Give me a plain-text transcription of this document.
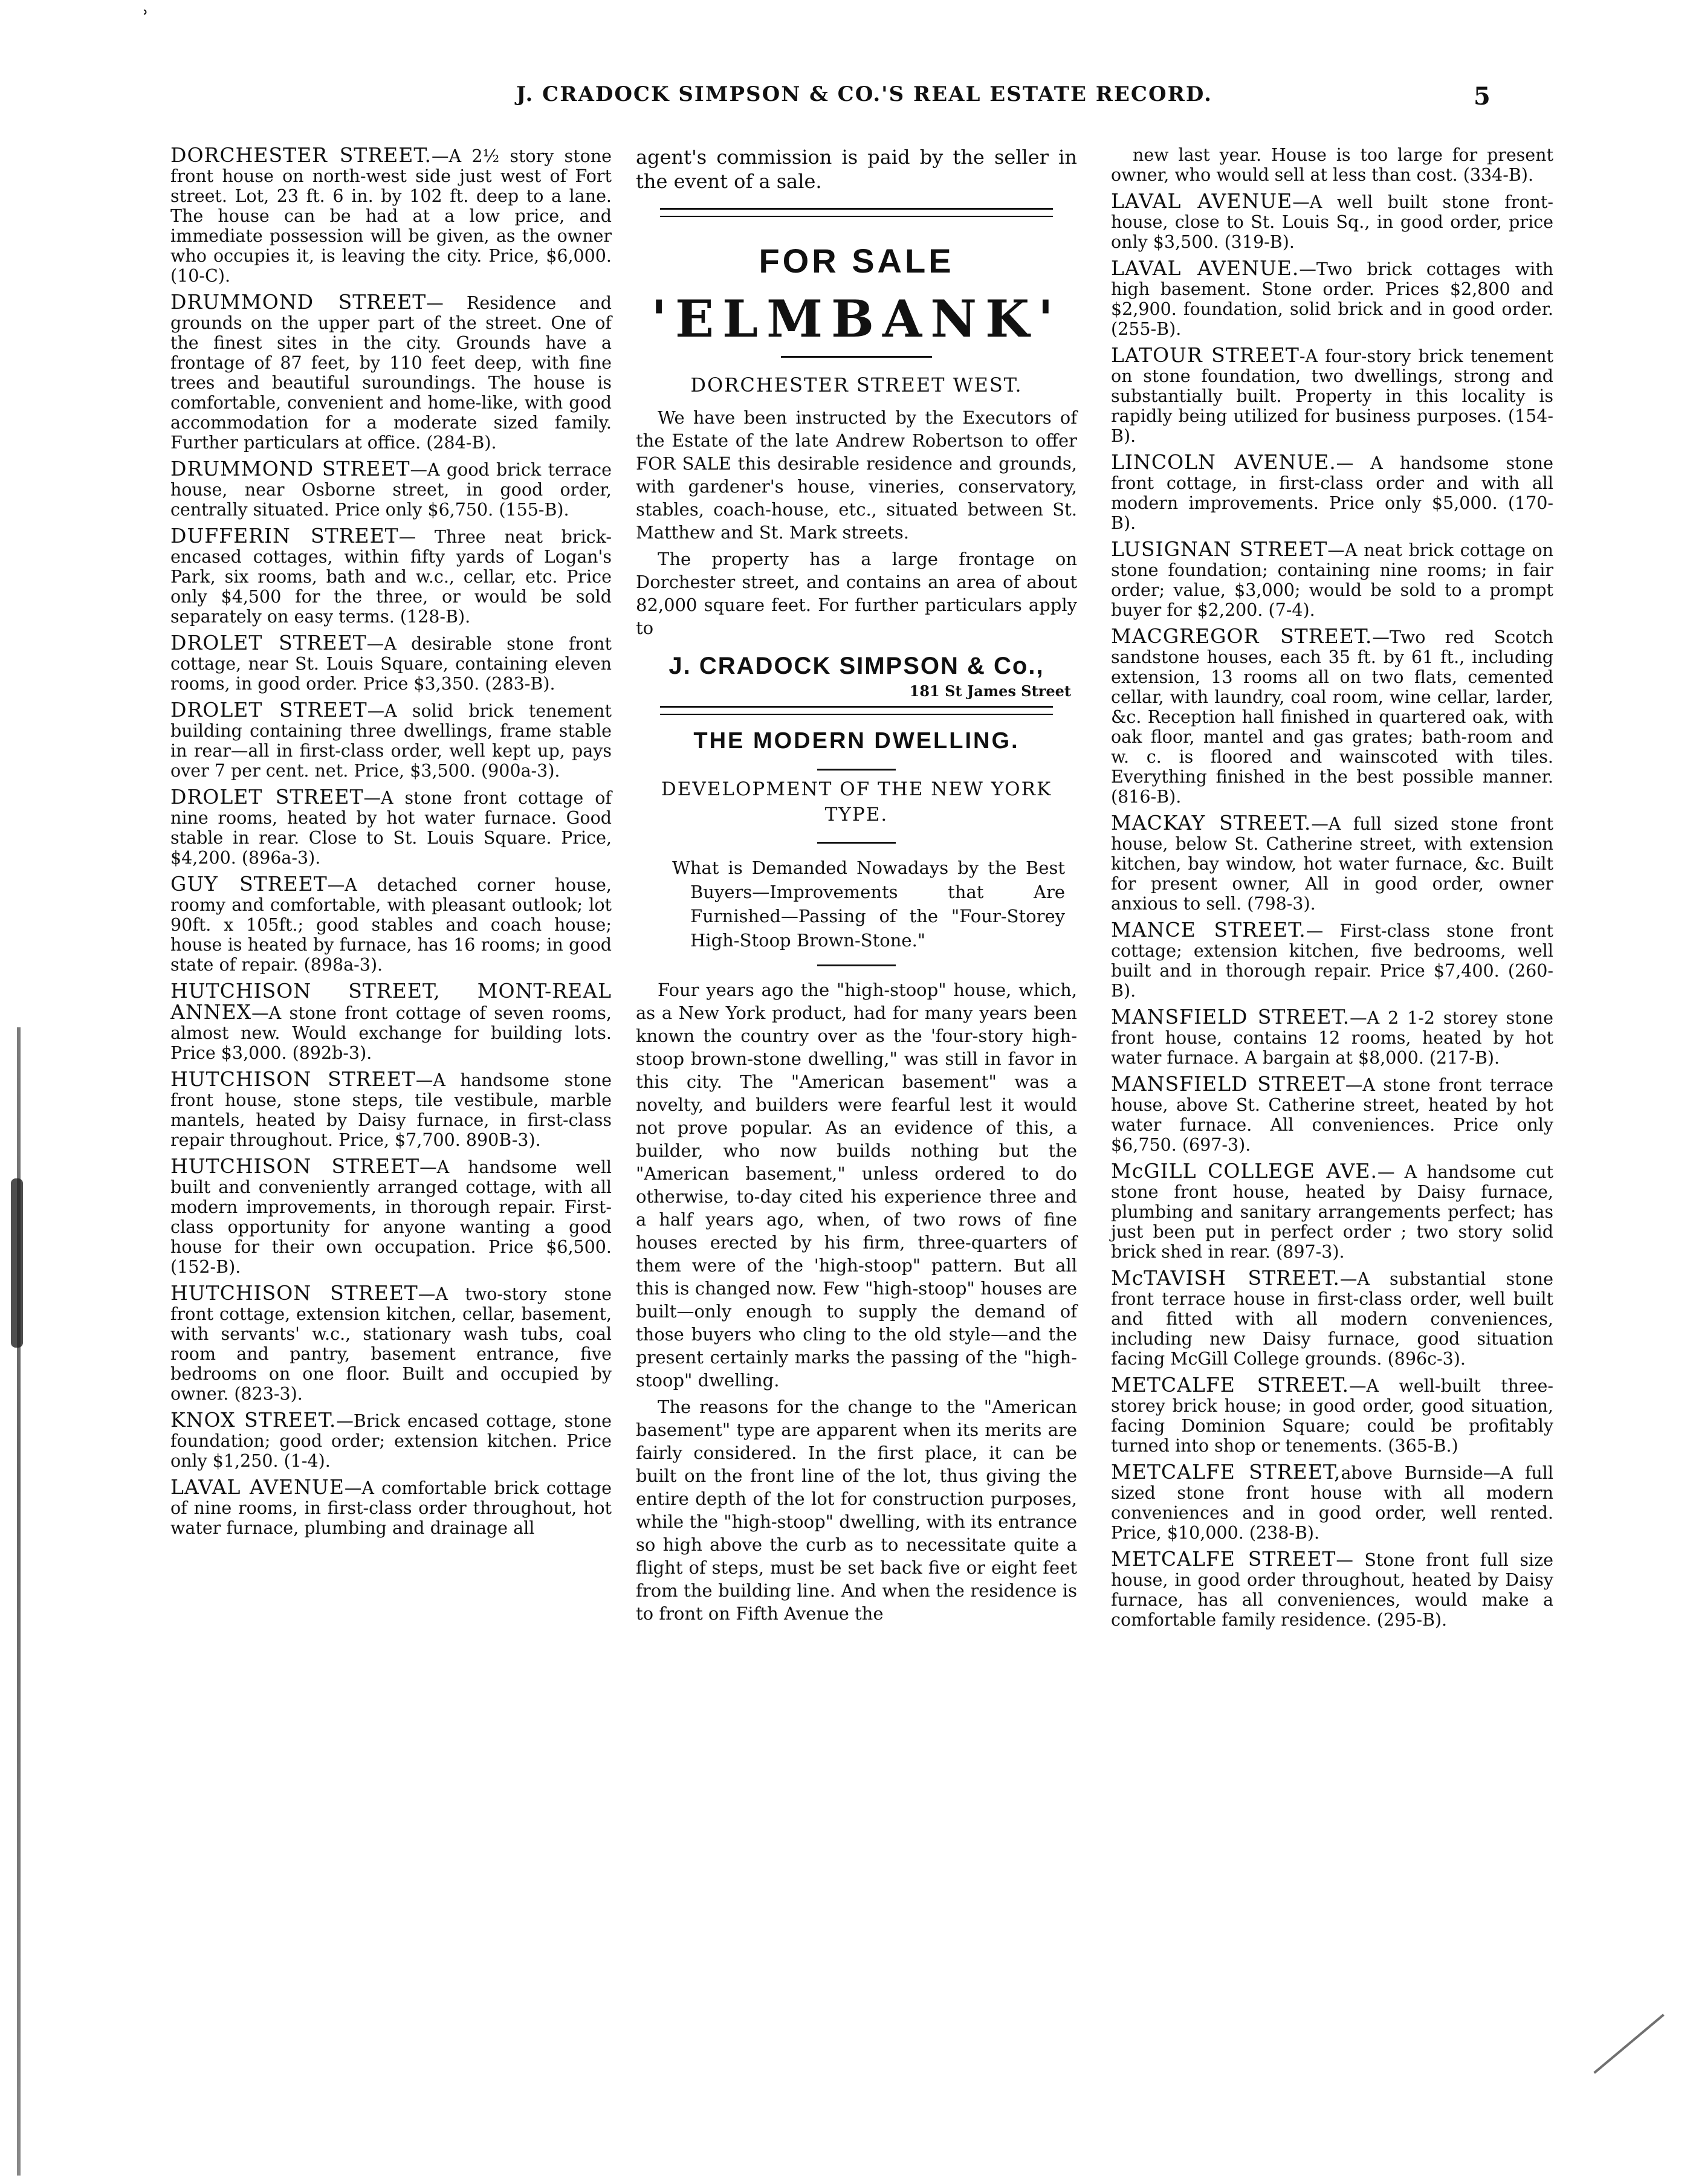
ʾ
J. CRADOCK SIMPSON & CO.'S REAL ESTATE RECORD.	5

DORCHESTER STREET.—A 2½ story stone front house on north-west side just west of Fort street. Lot, 23 ft. 6 in. by 102 ft. deep to a lane. The house can be had at a low price, and immediate possession will be given, as the owner who occupies it, is leaving the city. Price, $6,000. (10-C).

DRUMMOND STREET— Residence and grounds on the upper part of the street. One of the finest sites in the city. Grounds have a frontage of 87 feet, by 110 feet deep, with fine trees and beautiful suroundings. The house is comfortable, convenient and home-like, with good accommodation for a moderate sized family. Further particulars at office. (284-B).

DRUMMOND STREET—A good brick terrace house, near Osborne street, in good order, centrally situated. Price only $6,750. (155-B).

DUFFERIN STREET— Three neat brick-encased cottages, within fifty yards of Logan's Park, six rooms, bath and w.c., cellar, etc. Price only $4,500 for the three, or would be sold separately on easy terms. (128-B).

DROLET STREET—A desirable stone front cottage, near St. Louis Square, containing eleven rooms, in good order. Price $3,350. (283-B).

DROLET STREET—A solid brick tenement building containing three dwellings, frame stable in rear—all in first-class order, well kept up, pays over 7 per cent. net. Price, $3,500. (900a-3).

DROLET STREET—A stone front cottage of nine rooms, heated by hot water furnace. Good stable in rear. Close to St. Louis Square. Price, $4,200. (896a-3).

GUY STREET—A detached corner house, roomy and comfortable, with pleasant outlook; lot 90ft. x 105ft.; good stables and coach house; house is heated by furnace, has 16 rooms; in good state of repair. (898a-3).

HUTCHISON STREET, MONT-REAL ANNEX—A stone front cottage of seven rooms, almost new. Would exchange for building lots. Price $3,000. (892b-3).

HUTCHISON STREET—A handsome stone front house, stone steps, tile vestibule, marble mantels, heated by Daisy furnace, in first-class repair throughout. Price, $7,700. 890B-3).

HUTCHISON STREET—A handsome well built and conveniently arranged cottage, with all modern improvements, in thorough repair. First-class opportunity for anyone wanting a good house for their own occupation. Price $6,500. (152-B).

HUTCHISON STREET—A two-story stone front cottage, extension kitchen, cellar, basement, with servants' w.c., stationary wash tubs, coal room and pantry, basement entrance, five bedrooms on one floor. Built and occupied by owner. (823-3).

KNOX STREET.—Brick encased cottage, stone foundation; good order; extension kitchen. Price only $1,250. (1-4).

LAVAL AVENUE—A comfortable brick cottage of nine rooms, in first-class order throughout, hot water furnace, plumbing and drainage all

agent's commission is paid by the seller in the event of a sale.

FOR SALE
'ELMBANK'
DORCHESTER STREET WEST.

We have been instructed by the Executors of the Estate of the late Andrew Robertson to offer FOR SALE this desirable residence and grounds, with gardener's house, vineries, conservatory, stables, coach-house, etc., situated between St. Matthew and St. Mark streets.

The property has a large frontage on Dorchester street, and contains an area of about 82,000 square feet. For further particulars apply to

J. CRADOCK SIMPSON & Co.,
181 St James Street
THE MODERN DWELLING.
DEVELOPMENT OF THE NEW YORK TYPE.
What is Demanded Nowadays by the Best Buyers—Improvements that Are Furnished—Passing of the "Four-Storey High-Stoop Brown-Stone."

Four years ago the "high-stoop" house, which, as a New York product, had for many years been known the country over as the 'four-story high-stoop brown-stone dwelling," was still in favor in this city. The "American basement" was a novelty, and builders were fearful lest it would not prove popular. As an evidence of this, a builder, who now builds nothing but the "American basement," unless ordered to do otherwise, to-day cited his experience three and a half years ago, when, of two rows of fine houses erected by his firm, three-quarters of them were of the 'high-stoop" pattern. But all this is changed now. Few "high-stoop" houses are built—only enough to supply the demand of those buyers who cling to the old style—and the present certainly marks the passing of the "high-stoop" dwelling.

The reasons for the change to the "American basement" type are apparent when its merits are fairly considered. In the first place, it can be built on the front line of the lot, thus giving the entire depth of the lot for construction purposes, while the "high-stoop" dwelling, with its entrance so high above the curb as to necessitate quite a flight of steps, must be set back five or eight feet from the building line. And when the residence is to front on Fifth Avenue the

new last year. House is too large for present owner, who would sell at less than cost. (334-B).

LAVAL AVENUE—A well built stone front-house, close to St. Louis Sq., in good order, price only $3,500. (319-B).

LAVAL AVENUE.—Two brick cottages with high basement. Stone order. Prices $2,800 and $2,900. foundation, solid brick and in good order. (255-B).

LATOUR STREET-A four-story brick tenement on stone foundation, two dwellings, strong and substantially built. Property in this locality is rapidly being utilized for business purposes. (154-B).

LINCOLN AVENUE.— A handsome stone front cottage, in first-class order and with all modern improvements. Price only $5,000. (170-B).

LUSIGNAN STREET—A neat brick cottage on stone foundation; containing nine rooms; in fair order; value, $3,000; would be sold to a prompt buyer for $2,200. (7-4).

MACGREGOR STREET.—Two red Scotch sandstone houses, each 35 ft. by 61 ft., including extension, 13 rooms all on two flats, cemented cellar, with laundry, coal room, wine cellar, larder, &c. Reception hall finished in quartered oak, with oak floor, mantel and gas grates; bath-room and w. c. is floored and wainscoted with tiles. Everything finished in the best possible manner. (816-B).

MACKAY STREET.—A full sized stone front house, below St. Catherine street, with extension kitchen, bay window, hot water furnace, &c. Built for present owner, All in good order, owner anxious to sell. (798-3).

MANCE STREET.— First-class stone front cottage; extension kitchen, five bedrooms, well built and in thorough repair. Price $7,400. (260-B).

MANSFIELD STREET.—A 2 1-2 storey stone front house, contains 12 rooms, heated by hot water furnace. A bargain at $8,000. (217-B).

MANSFIELD STREET—A stone front terrace house, above St. Catherine street, heated by hot water furnace. All conveniences. Price only $6,750. (697-3).

McGILL COLLEGE AVE.— A handsome cut stone front house, heated by Daisy furnace, plumbing and sanitary arrangements perfect; has just been put in perfect order ; two story solid brick shed in rear. (897-3).

McTAVISH STREET.—A substantial stone front terrace house in first-class order, well built and fitted with all modern conveniences, including new Daisy furnace, good situation facing McGill College grounds. (896c-3).

METCALFE STREET.—A well-built three-storey brick house; in good order, good situation, facing Dominion Square; could be profitably turned into shop or tenements. (365-B.)

METCALFE STREET,above Burnside—A full sized stone front house with all modern conveniences and in good order, well rented. Price, $10,000. (238-B).

METCALFE STREET— Stone front full size house, in good order throughout, heated by Daisy furnace, has all conveniences, would make a comfortable family residence. (295-B).
